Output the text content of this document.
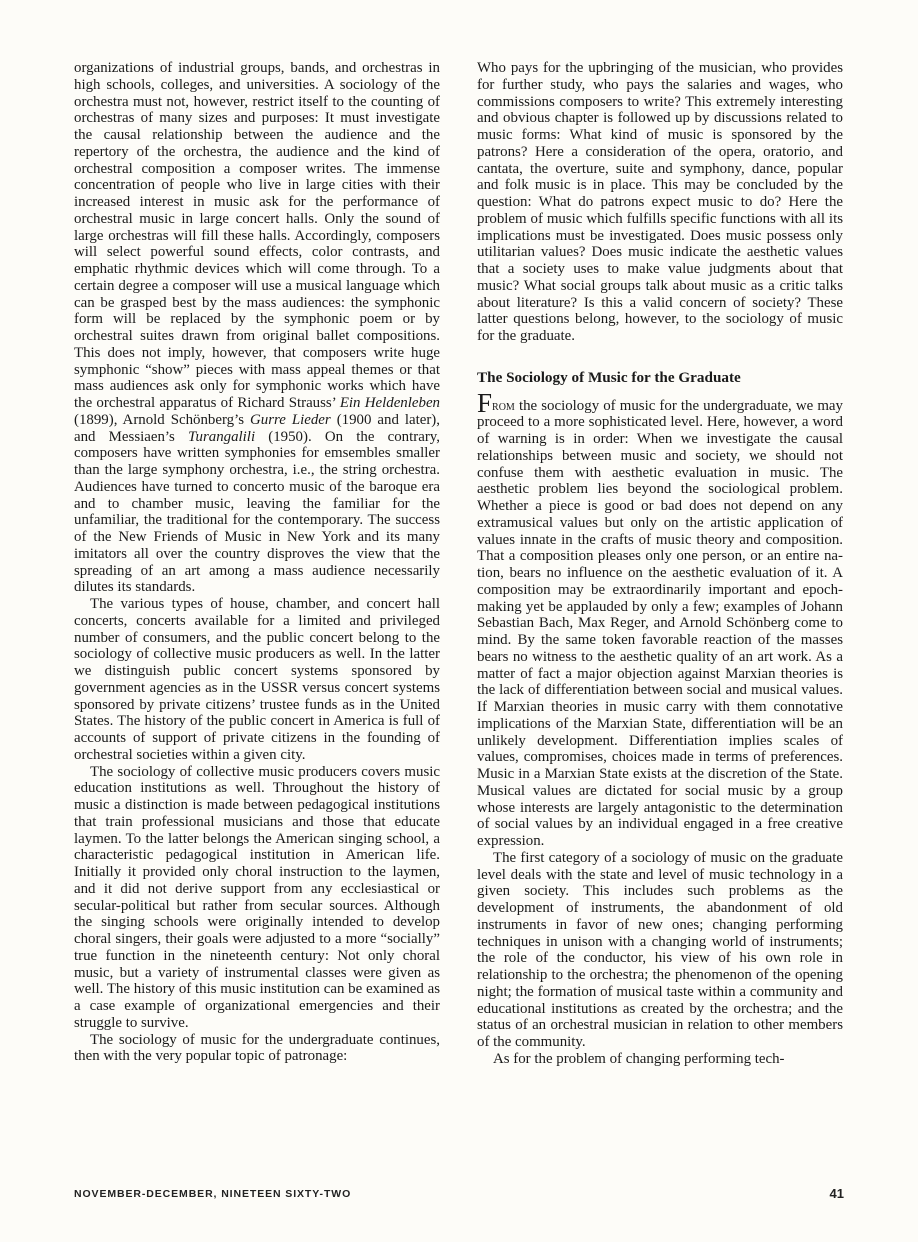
organizations of industrial groups, bands, and orchestras in high schools, colleges, and universities. A sociology of the orchestra must not, however, restrict itself to the counting of orchestras of many sizes and purposes: It must investigate the causal relationship between the audience and the repertory of the orchestra, the audience and the kind of orchestral composition a composer writes. The immense concentration of people who live in large cities with their increased interest in music ask for the performance of orchestral music in large concert halls. Only the sound of large orchestras will fill these halls. Accordingly, composers will select powerful sound effects, color contrasts, and emphatic rhythmic devices which will come through. To a certain degree a composer will use a musical language which can be grasped best by the mass audiences: the symphonic form will be replaced by the symphonic poem or by orchestral suites drawn from original ballet compositions. This does not imply, however, that composers write huge symphonic “show” pieces with mass appeal themes or that mass audiences ask only for symphonic works which have the orchestral apparatus of Richard Strauss’ Ein Heldenleben (1899), Arnold Schönberg’s Gurre Lieder (1900 and later), and Messiaen’s Turangalili (1950). On the contrary, composers have written symphonies for emsembles smaller than the large symphony orchestra, i.e., the string orchestra. Audiences have turned to concerto music of the baroque era and to chamber music, leaving the familiar for the unfamiliar, the traditional for the contemporary. The success of the New Friends of Music in New York and its many imitators all over the country disproves the view that the spreading of an art among a mass audience necessarily dilutes its standards.

The various types of house, chamber, and concert hall concerts, concerts available for a limited and privileged number of consumers, and the public concert belong to the sociology of collective music producers as well. In the latter we distinguish public concert systems sponsored by government agencies as in the USSR versus concert systems sponsored by private citizens’ trustee funds as in the United States. The history of the public concert in America is full of accounts of support of private citizens in the founding of orchestral societies within a given city.

The sociology of collective music producers covers music education institutions as well. Throughout the history of music a distinction is made between pedagogical institutions that train professional musicians and those that educate laymen. To the latter belongs the American singing school, a characteristic pedagogical institution in American life. Initially it provided only choral instruction to the laymen, and it did not derive support from any ecclesiastical or secular-political but rather from secular sources. Although the singing schools were originally intended to develop choral singers, their goals were adjusted to a more “socially” true function in the nineteenth century: Not only choral music, but a variety of instrumental classes were given as well. The history of this music institution can be examined as a case example of organizational emergencies and their struggle to survive.

The sociology of music for the undergraduate continues, then with the very popular topic of patronage:

Who pays for the upbringing of the musician, who provides for further study, who pays the salaries and wages, who commissions composers to write? This extremely interesting and obvious chapter is followed up by discussions related to music forms: What kind of music is sponsored by the patrons? Here a consideration of the opera, oratorio, and cantata, the overture, suite and symphony, dance, popular and folk music is in place. This may be concluded by the question: What do patrons expect music to do? Here the problem of music which fulfills specific functions with all its implications must be investigated. Does music possess only utilitarian values? Does music indicate the aesthetic values that a society uses to make value judgments about that music? What social groups talk about music as a critic talks about literature? Is this a valid concern of society? These latter questions belong, however, to the sociology of music for the graduate.

The Sociology of Music for the Graduate

From the sociology of music for the undergraduate, we may proceed to a more sophisticated level. Here, however, a word of warning is in order: When we investigate the causal relationships between music and society, we should not confuse them with aesthetic evaluation in music. The aesthetic problem lies beyond the sociological problem. Whether a piece is good or bad does not depend on any extramusical values but only on the artistic application of values innate in the crafts of music theory and composition. That a composition pleases only one person, or an entire nation, bears no influence on the aesthetic evaluation of it. A composition may be extraordinarily important and epoch-making yet be applauded by only a few; examples of Johann Sebastian Bach, Max Reger, and Arnold Schönberg come to mind. By the same token favorable reaction of the masses bears no witness to the aesthetic quality of an art work. As a matter of fact a major objection against Marxian theories is the lack of differentiation between social and musical values. If Marxian theories in music carry with them connotative implications of the Marxian State, differentiation will be an unlikely development. Differentiation implies scales of values, compromises, choices made in terms of preferences. Music in a Marxian State exists at the discretion of the State. Musical values are dictated for social music by a group whose interests are largely antagonistic to the determination of social values by an individual engaged in a free creative expression.

The first category of a sociology of music on the graduate level deals with the state and level of music technology in a given society. This includes such problems as the development of instruments, the abandonment of old instruments in favor of new ones; changing performing techniques in unison with a changing world of instruments; the role of the conductor, his view of his own role in relationship to the orchestra; the phenomenon of the opening night; the formation of musical taste within a community and educational institutions as created by the orchestra; and the status of an orchestral musician in relation to other members of the community.

As for the problem of changing performing tech-

NOVEMBER-DECEMBER, NINETEEN SIXTY-TWO	41
